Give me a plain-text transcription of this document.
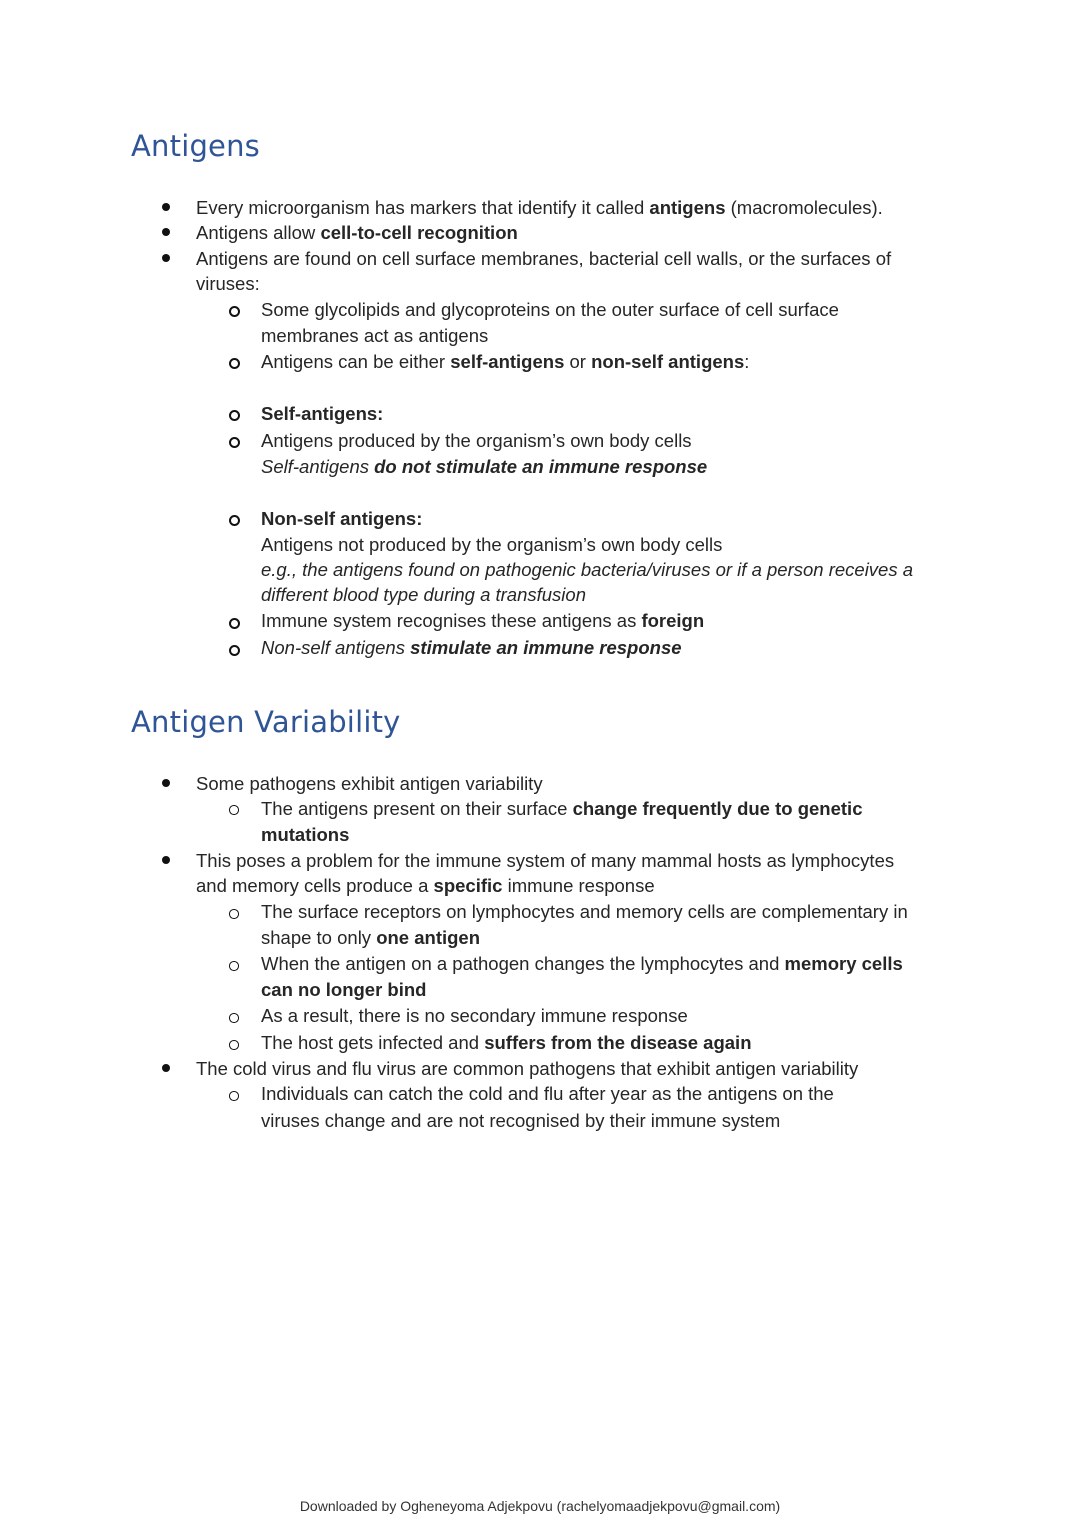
Antigens
Every microorganism has markers that identify it called antigens (macromolecules).
Antigens allow cell-to-cell recognition
Antigens are found on cell surface membranes, bacterial cell walls, or the surfaces of
viruses:
Some glycolipids and glycoproteins on the outer surface of cell surface
membranes act as antigens
Antigens can be either self-antigens or non-self antigens:
Self-antigens:
Antigens produced by the organism’s own body cells
Self-antigens do not stimulate an immune response
Non-self antigens:
Antigens not produced by the organism’s own body cells
e.g., the antigens found on pathogenic bacteria/viruses or if a person receives a
different blood type during a transfusion
Immune system recognises these antigens as foreign
Non-self antigens stimulate an immune response
Antigen Variability
Some pathogens exhibit antigen variability
The antigens present on their surface change frequently due to genetic
mutations
This poses a problem for the immune system of many mammal hosts as lymphocytes
and memory cells produce a specific immune response
The surface receptors on lymphocytes and memory cells are complementary in
shape to only one antigen
When the antigen on a pathogen changes the lymphocytes and memory cells
can no longer bind
As a result, there is no secondary immune response
The host gets infected and suffers from the disease again
The cold virus and flu virus are common pathogens that exhibit antigen variability
Individuals can catch the cold and flu after year as the antigens on the
viruses change and are not recognised by their immune system
Downloaded by Ogheneyoma Adjekpovu (rachelyomaadjekpovu@gmail.com)
